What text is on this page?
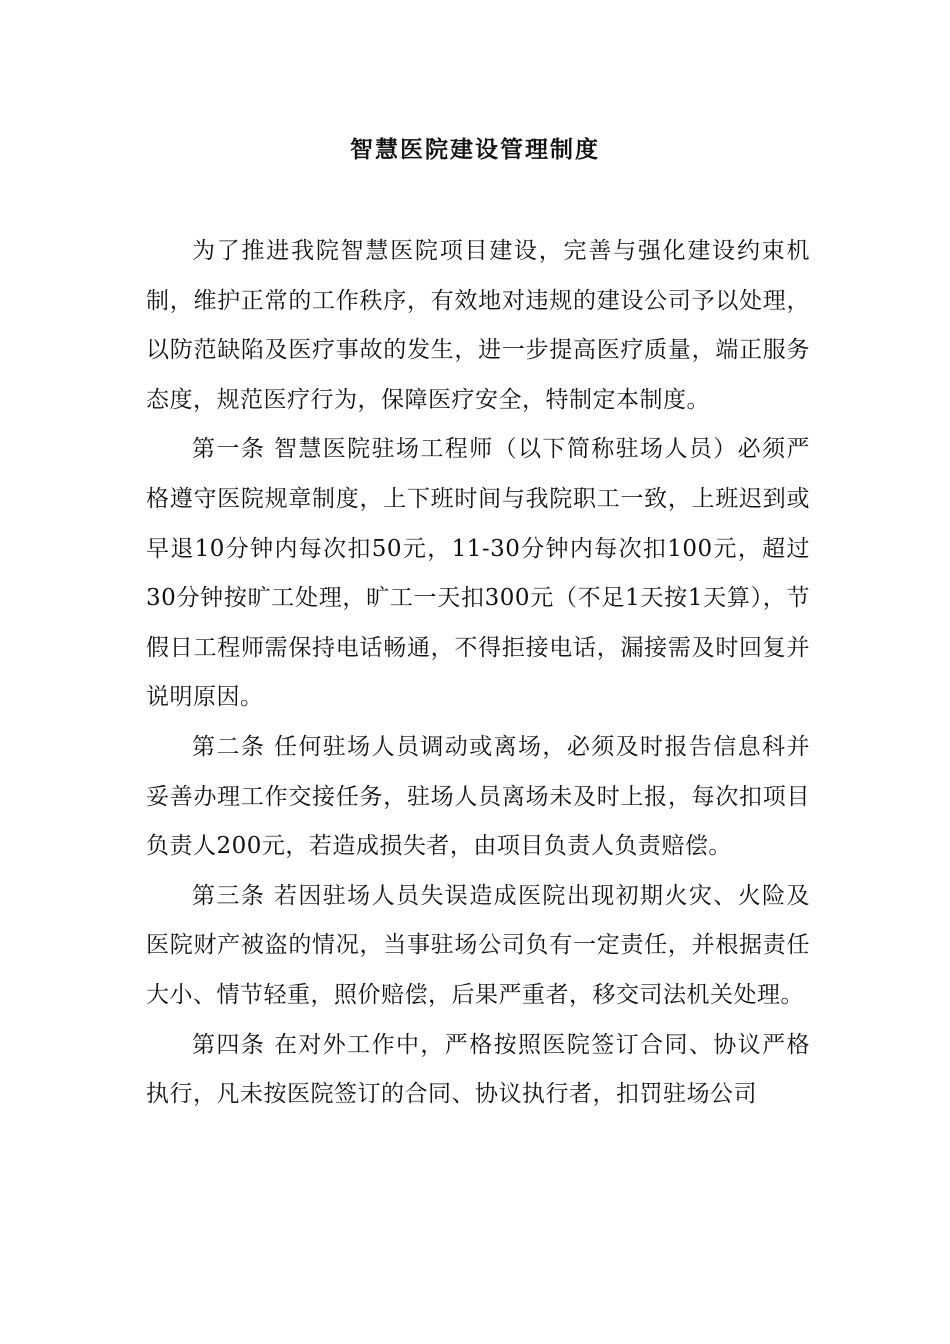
智慧医院建设管理制度

为了推进我院智慧医院项目建设，完善与强化建设约束机制，维护正常的工作秩序，有效地对违规的建设公司予以处理，以防范缺陷及医疗事故的发生，进一步提高医疗质量，端正服务态度，规范医疗行为，保障医疗安全，特制定本制度。

第一条 智慧医院驻场工程师（以下简称驻场人员）必须严格遵守医院规章制度，上下班时间与我院职工一致，上班迟到或早退10分钟内每次扣50元，11-30分钟内每次扣100元，超过30分钟按旷工处理，旷工一天扣300元（不足1天按1天算），节假日工程师需保持电话畅通，不得拒接电话，漏接需及时回复并说明原因。

第二条 任何驻场人员调动或离场，必须及时报告信息科并妥善办理工作交接任务，驻场人员离场未及时上报，每次扣项目负责人200元，若造成损失者，由项目负责人负责赔偿。

第三条 若因驻场人员失误造成医院出现初期火灾、火险及医院财产被盗的情况，当事驻场公司负有一定责任，并根据责任大小、情节轻重，照价赔偿，后果严重者，移交司法机关处理。

第四条 在对外工作中，严格按照医院签订合同、协议严格执行，凡未按医院签订的合同、协议执行者，扣罚驻场公司
